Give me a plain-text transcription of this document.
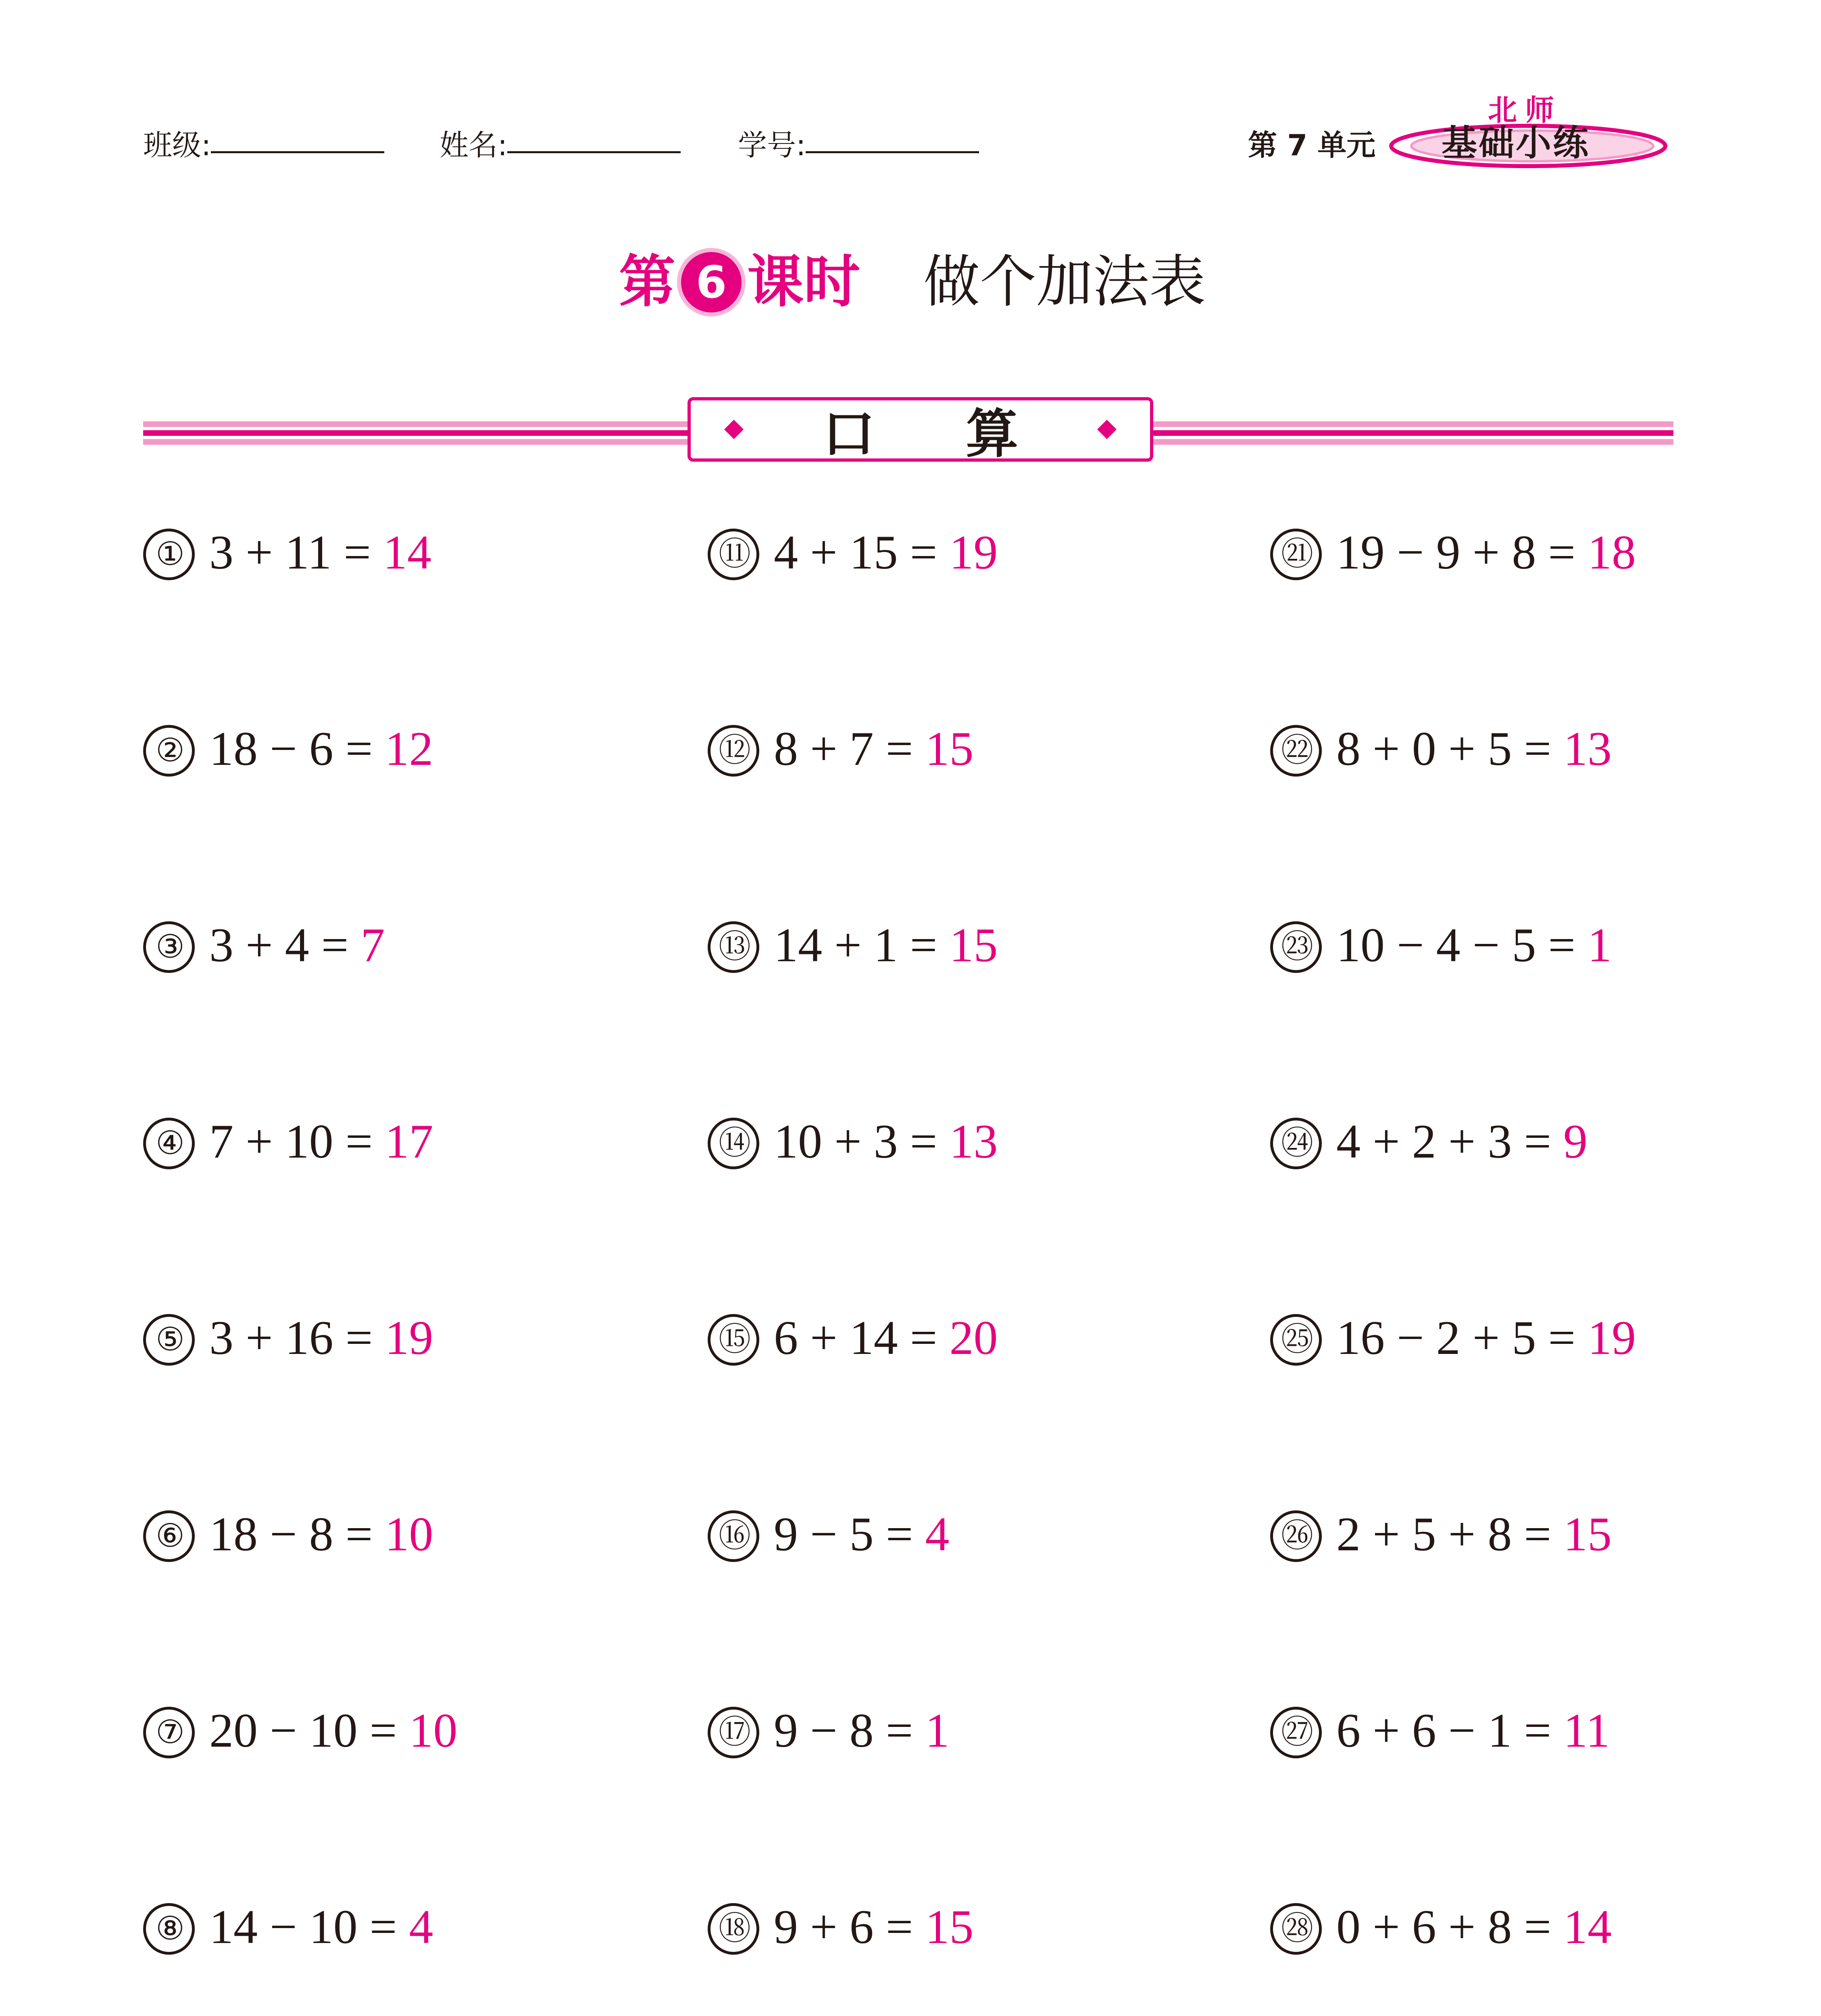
班级:	姓名:	学号:	第 7 单元
北师
基础小练
第 6 课时 做个加法表
口 算
① 3 + 11 = 14
② 18 − 6 = 12
③ 3 + 4 = 7
④ 7 + 10 = 17
⑤ 3 + 16 = 19
⑥ 18 − 8 = 10
⑦ 20 − 10 = 10
⑧ 14 − 10 = 4
⑪ 4 + 15 = 19
⑫ 8 + 7 = 15
⑬ 14 + 1 = 15
⑭ 10 + 3 = 13
⑮ 6 + 14 = 20
⑯ 9 − 5 = 4
⑰ 9 − 8 = 1
⑱ 9 + 6 = 15
㉑ 19 − 9 + 8 = 18
㉒ 8 + 0 + 5 = 13
㉓ 10 − 4 − 5 = 1
㉔ 4 + 2 + 3 = 9
㉕ 16 − 2 + 5 = 19
㉖ 2 + 5 + 8 = 15
㉗ 6 + 6 − 1 = 11
㉘ 0 + 6 + 8 = 14
